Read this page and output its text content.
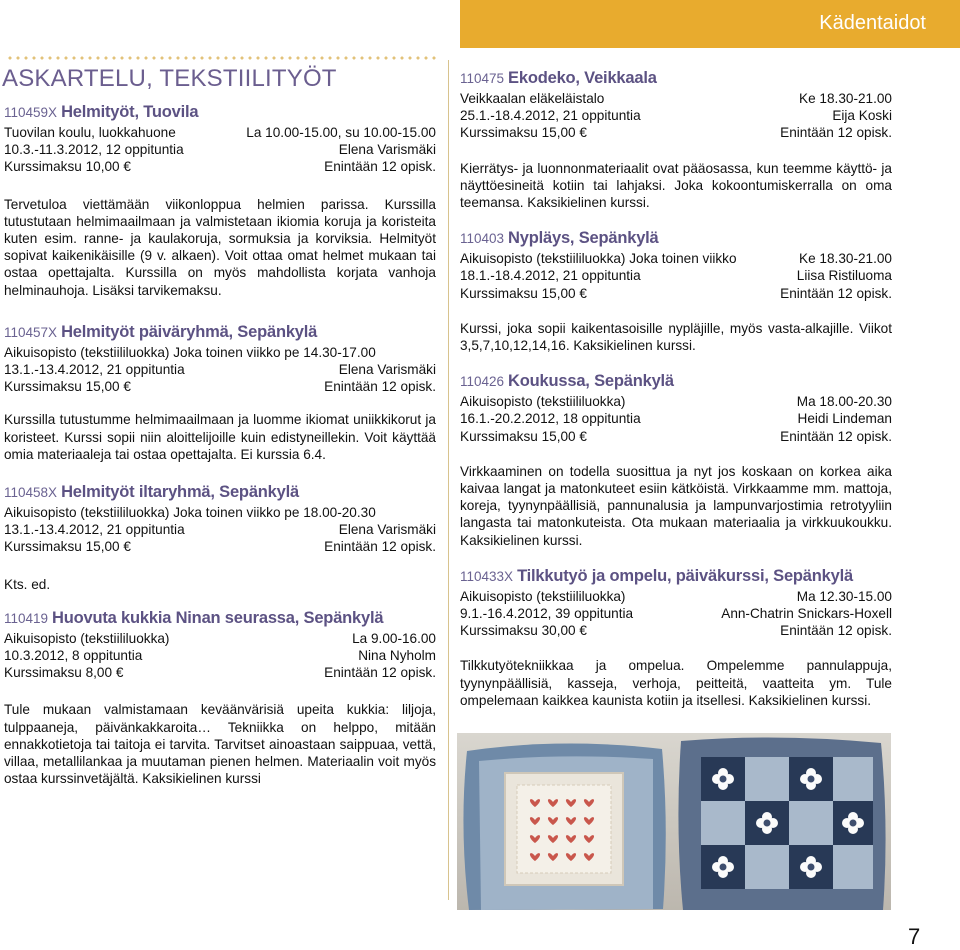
Kädentaidot
ASKARTELU, TEKSTIILITYÖT
110459X Helmityöt, Tuovila
Tuovilan koulu, luokkahuone	La 10.00-15.00, su 10.00-15.00
10.3.-11.3.2012, 12 oppituntia	Elena Varismäki
Kurssimaksu 10,00 €	Enintään 12 opisk.
Tervetuloa viettämään viikonloppua helmien parissa. Kurssilla tutustutaan helmimaailmaan ja valmistetaan ikiomia koruja ja koristeita kuten esim. ranne- ja kaulakoruja, sormuksia ja korviksia. Helmityöt sopivat kaikenikäisille (9 v. alkaen). Voit ottaa omat helmet mukaan tai ostaa opettajalta. Kurssilla on myös mahdollista korjata vanhoja helminauhoja. Lisäksi tarvikemaksu.
110457X Helmityöt päiväryhmä, Sepänkylä
Aikuisopisto (tekstiililuokka) Joka toinen viikko pe 14.30-17.00
13.1.-13.4.2012, 21 oppituntia	Elena Varismäki
Kurssimaksu 15,00 €	Enintään 12 opisk.
Kurssilla tutustumme helmimaailmaan ja luomme ikiomat uniikkikorut ja koristeet. Kurssi sopii niin aloittelijoille kuin edistyneillekin. Voit käyttää omia materiaaleja tai ostaa opettajalta. Ei kurssia 6.4.
110458X Helmityöt iltaryhmä, Sepänkylä
Aikuisopisto (tekstiililuokka) Joka toinen viikko pe 18.00-20.30
13.1.-13.4.2012, 21 oppituntia	Elena Varismäki
Kurssimaksu 15,00 €	Enintään 12 opisk.
Kts. ed.
110419 Huovuta kukkia Ninan seurassa, Sepänkylä
Aikuisopisto (tekstiililuokka)	La 9.00-16.00
10.3.2012, 8 oppituntia	Nina Nyholm
Kurssimaksu 8,00 €	Enintään 12 opisk.
Tule mukaan valmistamaan keväänvärisiä upeita kukkia: liljoja, tulppaaneja, päivänkakkaroita… Tekniikka on helppo, mitään ennakkotietoja tai taitoja ei tarvita. Tarvitset ainoastaan saippuaa, vettä, villaa, metallilankaa ja muutaman pienen helmen. Materiaalin voit myös ostaa kurssinvetäjältä. Kaksikielinen kurssi
110475 Ekodeko, Veikkaala
Veikkaalan eläkeläistalo	Ke 18.30-21.00
25.1.-18.4.2012, 21 oppituntia	Eija Koski
Kurssimaksu 15,00 €	Enintään 12 opisk.
Kierrätys- ja luonnonmateriaalit ovat pääosassa, kun teemme käyttö- ja näyttöesineitä kotiin tai lahjaksi. Joka kokoontumiskerralla on oma teemansa. Kaksikielinen kurssi.
110403 Nypläys, Sepänkylä
Aikuisopisto (tekstiililuokka) Joka toinen viikko	Ke 18.30-21.00
18.1.-18.4.2012, 21 oppituntia	Liisa Ristiluoma
Kurssimaksu 15,00 €	Enintään 12 opisk.
Kurssi, joka sopii kaikentasoisille nypläjille, myös vasta-alkajille. Viikot 3,5,7,10,12,14,16. Kaksikielinen kurssi.
110426 Koukussa, Sepänkylä
Aikuisopisto (tekstiililuokka)	Ma 18.00-20.30
16.1.-20.2.2012, 18 oppituntia	Heidi Lindeman
Kurssimaksu 15,00 €	Enintään 12 opisk.
Virkkaaminen on todella suosittua ja nyt jos koskaan on korkea aika kaivaa langat ja matonkuteet esiin kätköistä. Virkkaamme mm. mattoja, koreja, tyynynpäällisiä, pannunalusia ja lampunvarjostimia retrotyyliin langasta tai matonkuteista. Ota mukaan materiaalia ja virkkuukoukku. Kaksikielinen kurssi.
110433X Tilkkutyö ja ompelu, päiväkurssi, Sepänkylä
Aikuisopisto (tekstiililuokka)	Ma 12.30-15.00
9.1.-16.4.2012, 39 oppituntia	Ann-Chatrin Snickars-Hoxell
Kurssimaksu 30,00 €	Enintään 12 opisk.
Tilkkutyötekniikkaa ja ompelua. Ompelemme pannulappuja, tyynynpäällisiä, kasseja, verhoja, peitteitä, vaatteita ym. Tule ompelemaan kaikkea kaunista kotiin ja itsellesi. Kaksikielinen kurssi.
7
